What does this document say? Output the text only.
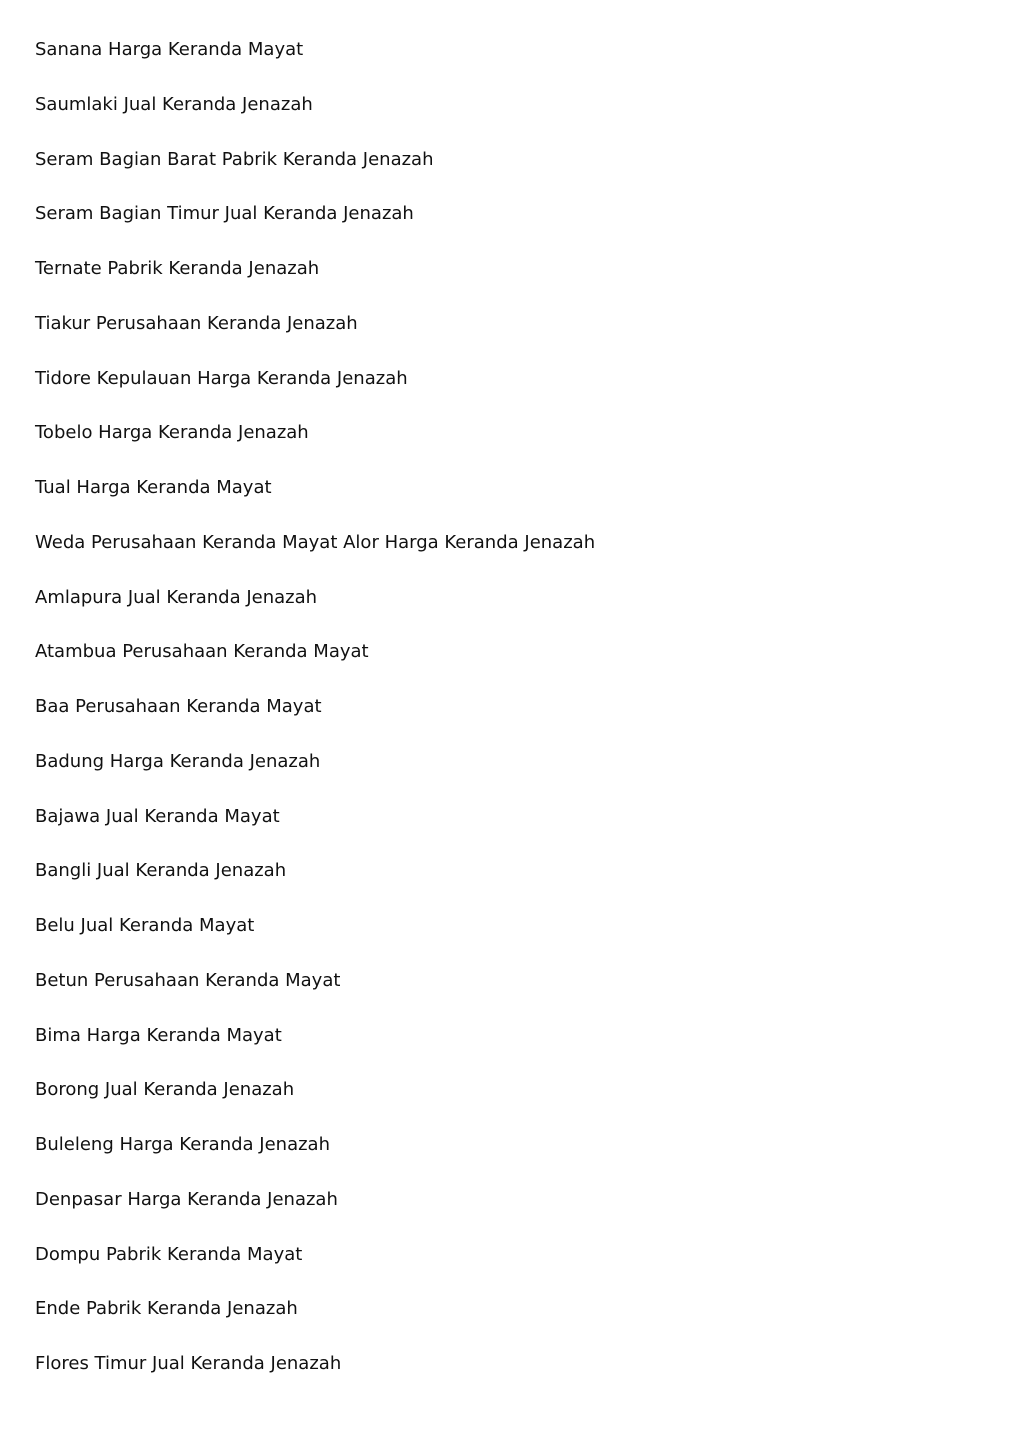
Sanana Harga Keranda Mayat
Saumlaki Jual Keranda Jenazah
Seram Bagian Barat Pabrik Keranda Jenazah
Seram Bagian Timur Jual Keranda Jenazah
Ternate Pabrik Keranda Jenazah
Tiakur Perusahaan Keranda Jenazah
Tidore Kepulauan Harga Keranda Jenazah
Tobelo Harga Keranda Jenazah
Tual Harga Keranda Mayat
Weda Perusahaan Keranda Mayat Alor Harga Keranda Jenazah
Amlapura Jual Keranda Jenazah
Atambua Perusahaan Keranda Mayat
Baa Perusahaan Keranda Mayat
Badung Harga Keranda Jenazah
Bajawa Jual Keranda Mayat
Bangli Jual Keranda Jenazah
Belu Jual Keranda Mayat
Betun Perusahaan Keranda Mayat
Bima Harga Keranda Mayat
Borong Jual Keranda Jenazah
Buleleng Harga Keranda Jenazah
Denpasar Harga Keranda Jenazah
Dompu Pabrik Keranda Mayat
Ende Pabrik Keranda Jenazah
Flores Timur Jual Keranda Jenazah
